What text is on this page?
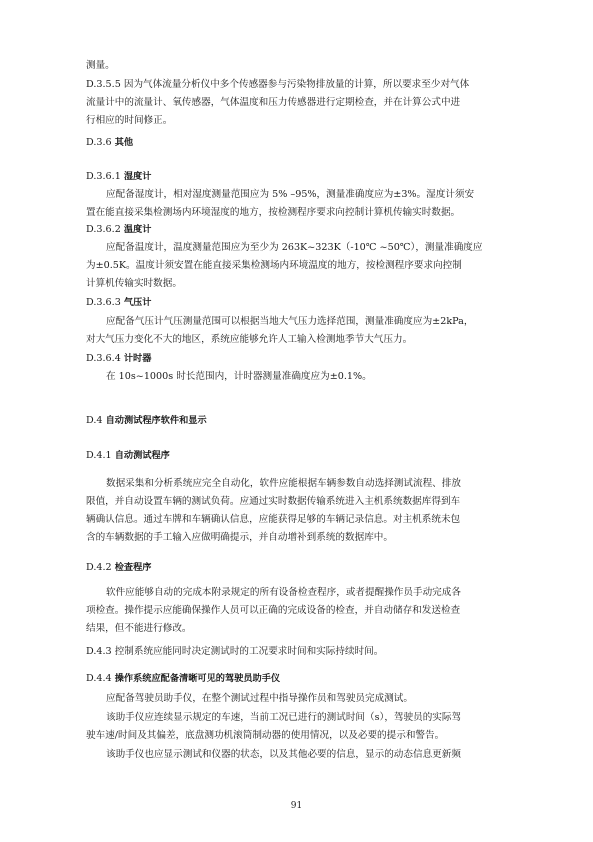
测量。
D.3.5.5 因为气体流量分析仪中多个传感器参与污染物排放量的计算，所以要求至少对气体
流量计中的流量计、氧传感器，气体温度和压力传感器进行定期检查，并在计算公式中进
行相应的时间修正。

D.3.6 其他

D.3.6.1 湿度计

应配备湿度计，相对湿度测量范围应为 5% –95%，测量准确度应为±3%。湿度计须安
置在能直接采集检测场内环境湿度的地方，按检测程序要求向控制计算机传输实时数据。

D.3.6.2 温度计

应配备温度计，温度测量范围应为至少为 263K~323K（-10℃ ~50℃），测量准确度应
为±0.5K。温度计须安置在能直接采集检测场内环境温度的地方，按检测程序要求向控制
计算机传输实时数据。

D.3.6.3 气压计

应配备气压计气压测量范围可以根据当地大气压力选择范围，测量准确度应为±2kPa，
对大气压力变化不大的地区，系统应能够允许人工输入检测地季节大气压力。

D.3.6.4 计时器

在 10s~1000s 时长范围内，计时器测量准确度应为±0.1%。

D.4 自动测试程序软件和显示

D.4.1 自动测试程序

数据采集和分析系统应完全自动化，软件应能根据车辆参数自动选择测试流程、排放
限值，并自动设置车辆的测试负荷。应通过实时数据传输系统进入主机系统数据库得到车
辆确认信息。通过车牌和车辆确认信息，应能获得足够的车辆记录信息。对主机系统未包
含的车辆数据的手工输入应做明确提示，并自动增补到系统的数据库中。

D.4.2 检查程序

软件应能够自动的完成本附录规定的所有设备检查程序，或者提醒操作员手动完成各
项检查。操作提示应能确保操作人员可以正确的完成设备的检查，并自动储存和发送检查
结果，但不能进行修改。
D.4.3 控制系统应能同时决定测试时的工况要求时间和实际持续时间。

D.4.4 操作系统应配备清晰可见的驾驶员助手仪

应配备驾驶员助手仪，在整个测试过程中指导操作员和驾驶员完成测试。
该助手仪应连续显示规定的车速，当前工况已进行的测试时间（s），驾驶员的实际驾
驶车速/时间及其偏差，底盘测功机滚筒制动器的使用情况，以及必要的提示和警告。
该助手仪也应显示测试和仪器的状态，以及其他必要的信息，显示的动态信息更新频
91
